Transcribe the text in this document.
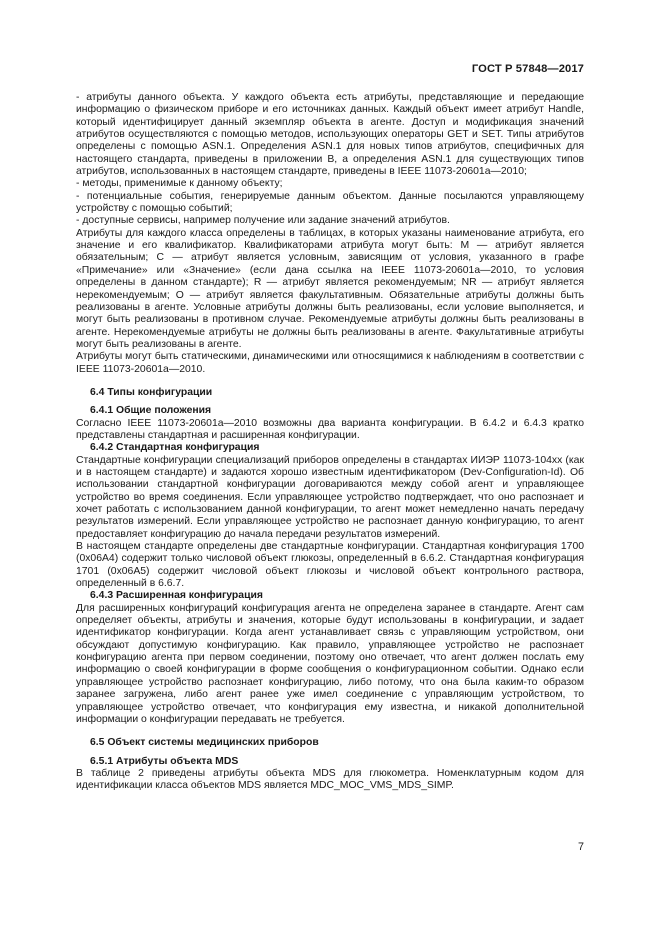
ГОСТ Р 57848—2017

- атрибуты данного объекта. У каждого объекта есть атрибуты, представляющие и передающие информацию о физическом приборе и его источниках данных. Каждый объект имеет атрибут Handle, который идентифицирует данный экземпляр объекта в агенте. Доступ и модификация значений атрибутов осуществляются с помощью методов, использующих операторы GET и SET. Типы атрибутов определены с помощью ASN.1. Определения ASN.1 для новых типов атрибутов, специфичных для настоящего стандарта, приведены в приложении В, а определения ASN.1 для существующих типов атрибутов, использованных в настоящем стандарте, приведены в IEEE 11073-20601а—2010;

- методы, применимые к данному объекту;

- потенциальные события, генерируемые данным объектом. Данные посылаются управляющему устройству с помощью событий;

- доступные сервисы, например получение или задание значений атрибутов.

Атрибуты для каждого класса определены в таблицах, в которых указаны наименование атрибута, его значение и его квалификатор. Квалификаторами атрибута могут быть: М — атрибут является обязательным; С — атрибут является условным, зависящим от условия, указанного в графе «Примечание» или «Значение» (если дана ссылка на IEEE 11073-20601а—2010, то условия определены в данном стандарте); R — атрибут является рекомендуемым; NR — атрибут является нерекомендуемым; О — атрибут является факультативным. Обязательные атрибуты должны быть реализованы в агенте. Условные атрибуты должны быть реализованы, если условие выполняется, и могут быть реализованы в противном случае. Рекомендуемые атрибуты должны быть реализованы в агенте. Нерекомендуемые атрибуты не должны быть реализованы в агенте. Факультативные атрибуты могут быть реализованы в агенте.

Атрибуты могут быть статическими, динамическими или относящимися к наблюдениям в соответствии с IEEE 11073-20601а—2010.

6.4 Типы конфигурации
6.4.1 Общие положения

Согласно IEEE 11073-20601а—2010 возможны два варианта конфигурации. В 6.4.2 и 6.4.3 кратко представлены стандартная и расширенная конфигурации.

6.4.2 Стандартная конфигурация

Стандартные конфигурации специализаций приборов определены в стандартах ИИЭР 11073-104хх (как и в настоящем стандарте) и задаются хорошо известным идентификатором (Dev-Configuration-Id). Об использовании стандартной конфигурации договариваются между собой агент и управляющее устройство во время соединения. Если управляющее устройство подтверждает, что оно распознает и хочет работать с использованием данной конфигурации, то агент может немедленно начать передачу результатов измерений. Если управляющее устройство не распознает данную конфигурацию, то агент предоставляет конфигурацию до начала передачи результатов измерений.

В настоящем стандарте определены две стандартные конфигурации. Стандартная конфигурация 1700 (0х06А4) содержит только числовой объект глюкозы, определенный в 6.6.2. Стандартная конфигурация 1701 (0х06А5) содержит числовой объект глюкозы и числовой объект контрольного раствора, определенный в 6.6.7.

6.4.3 Расширенная конфигурация

Для расширенных конфигураций конфигурация агента не определена заранее в стандарте. Агент сам определяет объекты, атрибуты и значения, которые будут использованы в конфигурации, и задает идентификатор конфигурации. Когда агент устанавливает связь с управляющим устройством, они обсуждают допустимую конфигурацию. Как правило, управляющее устройство не распознает конфигурацию агента при первом соединении, поэтому оно отвечает, что агент должен послать ему информацию о своей конфигурации в форме сообщения о конфигурационном событии. Однако если управляющее устройство распознает конфигурацию, либо потому, что она была каким-то образом заранее загружена, либо агент ранее уже имел соединение с управляющим устройством, то управляющее устройство отвечает, что конфигурация ему известна, и никакой дополнительной информации о конфигурации передавать не требуется.

6.5 Объект системы медицинских приборов
6.5.1 Атрибуты объекта MDS

В таблице 2 приведены атрибуты объекта MDS для глюкометра. Номенклатурным кодом для идентификации класса объектов MDS является MDC_MOC_VMS_MDS_SIMP.

7
